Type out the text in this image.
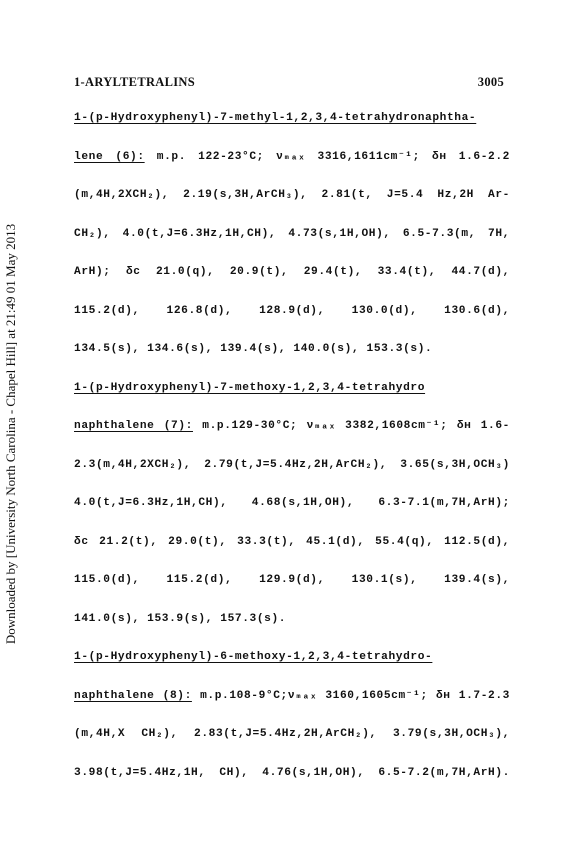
Downloaded by [University North Carolina - Chapel Hill] at 21:49 01 May 2013
1-ARYLTETRALINS	3005
1-(p-Hydroxyphenyl)-7-methyl-1,2,3,4-tetrahydronaphtha-
lene (6): m.p. 122-23°C; νₘₐₓ 3316,1611cm⁻¹; δʜ 1.6-2.2
(m,4H,2XCH₂), 2.19(s,3H,ArCH₃), 2.81(t, J=5.4 Hz,2H Ar-
CH₂), 4.0(t,J=6.3Hz,1H,CH), 4.73(s,1H,OH), 6.5-7.3(m, 7H,
ArH); δc 21.0(q), 20.9(t), 29.4(t), 33.4(t), 44.7(d),
115.2(d), 126.8(d), 128.9(d), 130.0(d), 130.6(d),
134.5(s), 134.6(s), 139.4(s), 140.0(s), 153.3(s).
1-(p-Hydroxyphenyl)-7-methoxy-1,2,3,4-tetrahydro
naphthalene (7): m.p.129-30°C; νₘₐₓ 3382,1608cm⁻¹; δʜ 1.6-
2.3(m,4H,2XCH₂), 2.79(t,J=5.4Hz,2H,ArCH₂), 3.65(s,3H,OCH₃)
4.0(t,J=6.3Hz,1H,CH), 4.68(s,1H,OH), 6.3-7.1(m,7H,ArH);
δc 21.2(t), 29.0(t), 33.3(t), 45.1(d), 55.4(q), 112.5(d),
115.0(d), 115.2(d), 129.9(d), 130.1(s), 139.4(s),
141.0(s), 153.9(s), 157.3(s).
1-(p-Hydroxyphenyl)-6-methoxy-1,2,3,4-tetrahydro-
naphthalene (8): m.p.108-9°C;νₘₐₓ 3160,1605cm⁻¹; δʜ 1.7-2.3
(m,4H,X CH₂), 2.83(t,J=5.4Hz,2H,ArCH₂), 3.79(s,3H,OCH₃),
3.98(t,J=5.4Hz,1H, CH), 4.76(s,1H,OH), 6.5-7.2(m,7H,ArH).
